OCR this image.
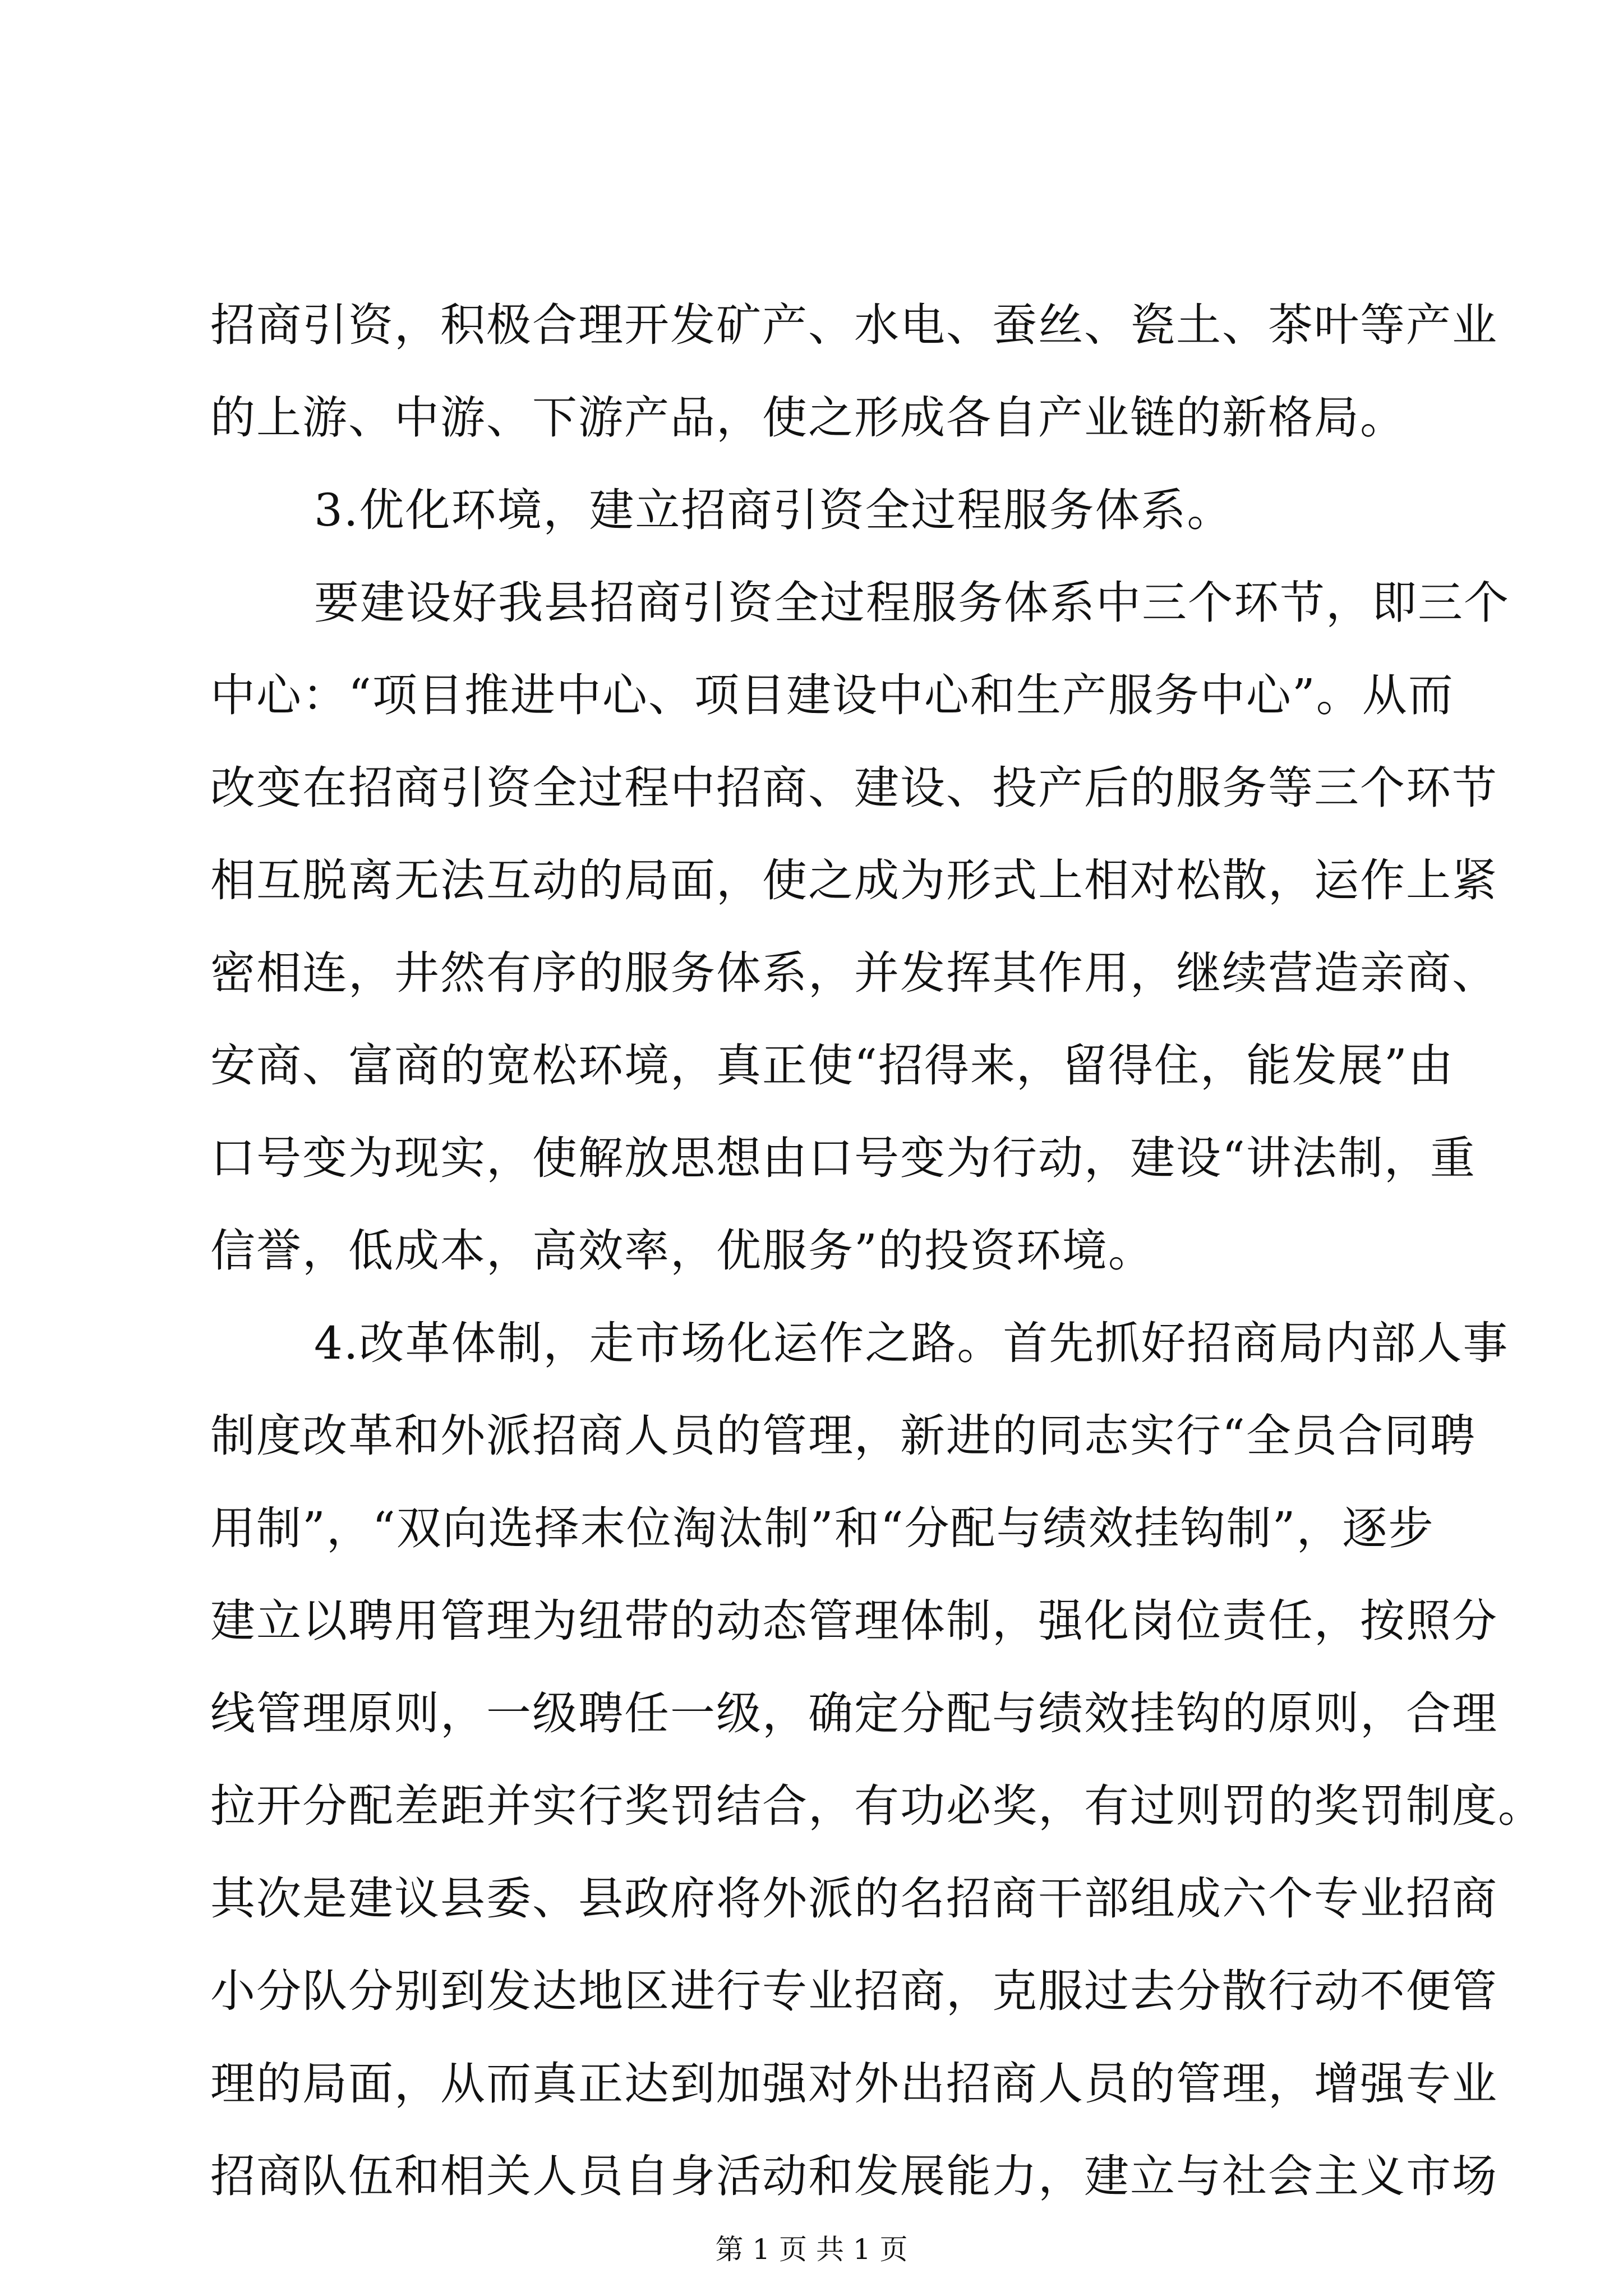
招商引资，积极合理开发矿产、水电、蚕丝、瓷土、茶叶等产业
的上游、中游、下游产品，使之形成各自产业链的新格局。
3.优化环境，建立招商引资全过程服务体系。
要建设好我县招商引资全过程服务体系中三个环节，即三个
中心：“项目推进中心、项目建设中心和生产服务中心”。从而
改变在招商引资全过程中招商、建设、投产后的服务等三个环节
相互脱离无法互动的局面，使之成为形式上相对松散，运作上紧
密相连，井然有序的服务体系，并发挥其作用，继续营造亲商、
安商、富商的宽松环境，真正使“招得来，留得住，能发展”由
口号变为现实，使解放思想由口号变为行动，建设“讲法制，重
信誉，低成本，高效率，优服务”的投资环境。
4.改革体制，走市场化运作之路。首先抓好招商局内部人事
制度改革和外派招商人员的管理，新进的同志实行“全员合同聘
用制”，“双向选择末位淘汰制”和“分配与绩效挂钩制”，逐步
建立以聘用管理为纽带的动态管理体制，强化岗位责任，按照分
线管理原则，一级聘任一级，确定分配与绩效挂钩的原则，合理
拉开分配差距并实行奖罚结合，有功必奖，有过则罚的奖罚制度。
其次是建议县委、县政府将外派的名招商干部组成六个专业招商
小分队分别到发达地区进行专业招商，克服过去分散行动不便管
理的局面，从而真正达到加强对外出招商人员的管理，增强专业
招商队伍和相关人员自身活动和发展能力，建立与社会主义市场
第 1 页 共 1 页
